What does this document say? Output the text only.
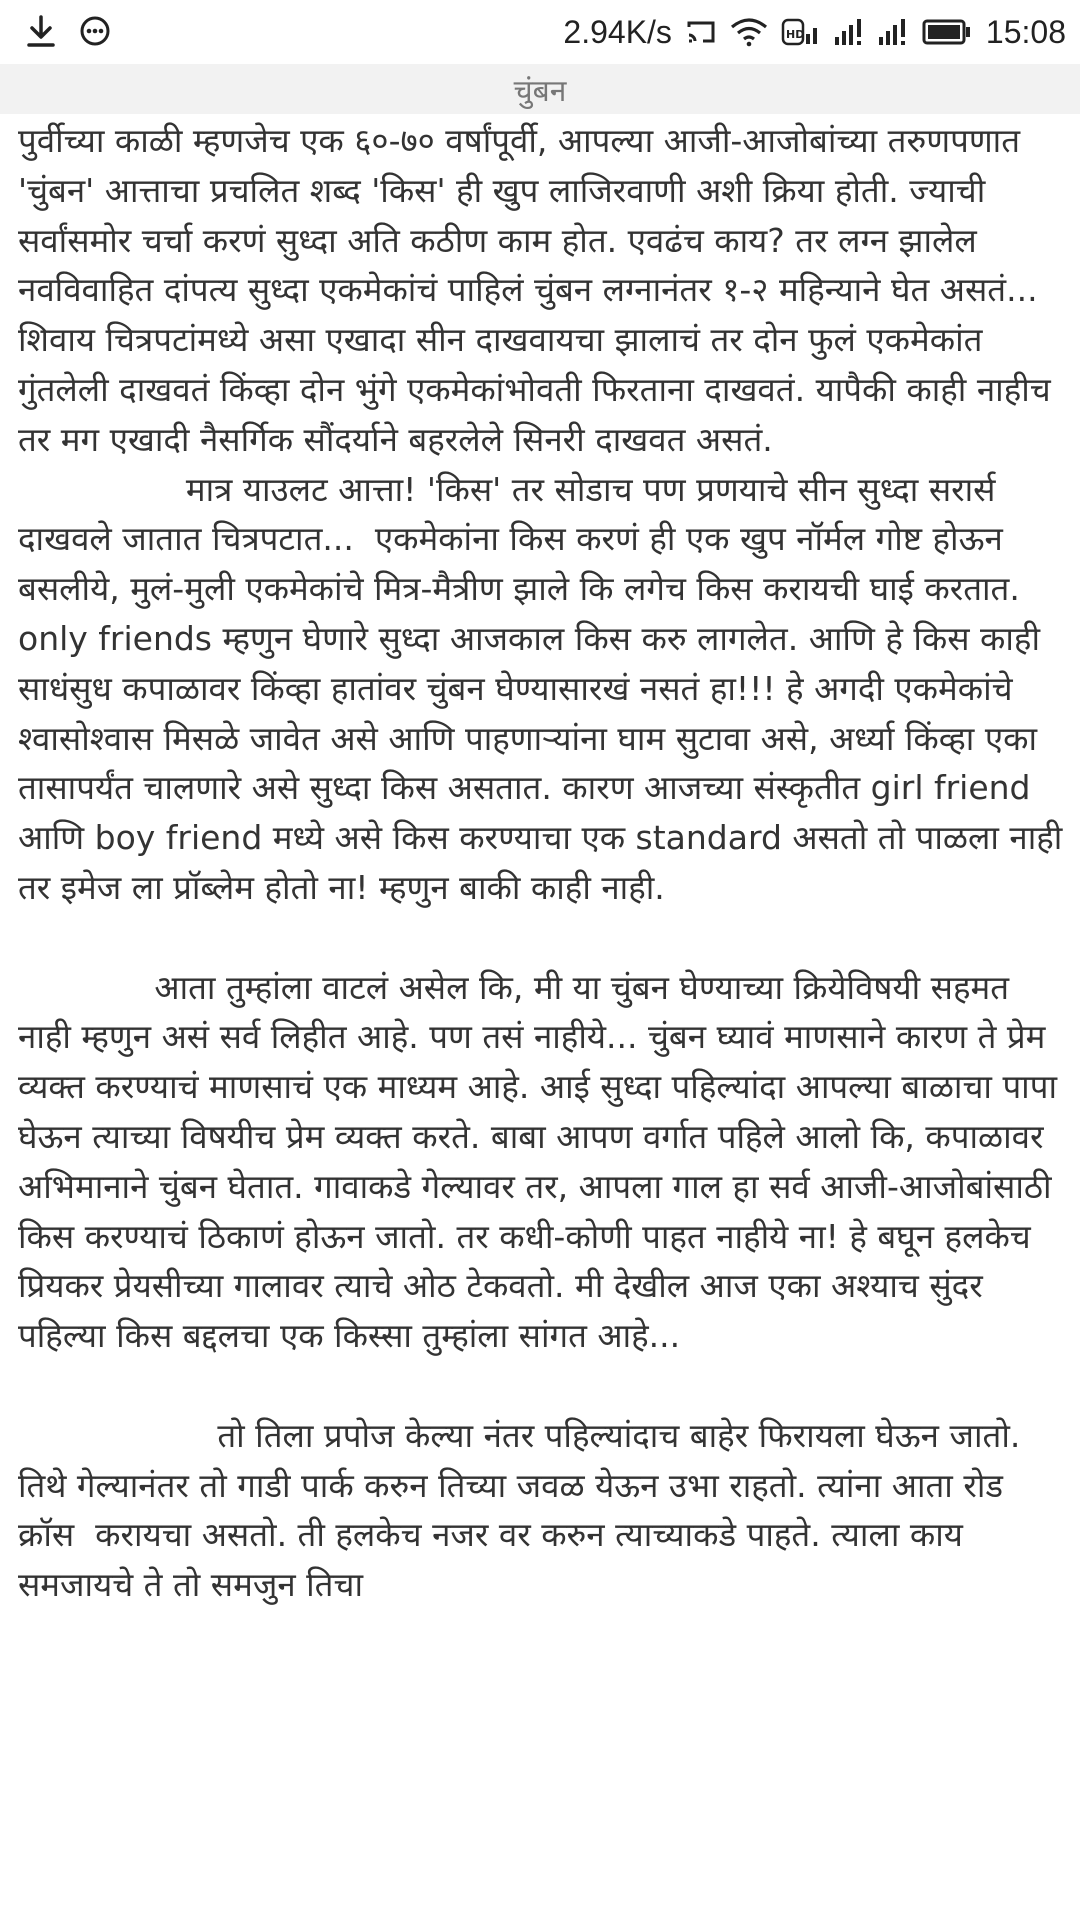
2.94K/s	HD	15:08
चुंबन

पुर्वीच्या काळी म्हणजेच एक ६०-७० वर्षांपूर्वी, आपल्या आजी-आजोबांच्या तरुणपणात 'चुंबन' आत्ताचा प्रचलित शब्द 'किस' ही खुप लाजिरवाणी अशी क्रिया होती. ज्याची सर्वांसमोर चर्चा करणं सुध्दा अति कठीण काम होत. एवढंच काय? तर लग्न झालेल नवविवाहित दांपत्य सुध्दा एकमेकांचं पाहिलं चुंबन लग्नानंतर १-२ महिन्याने घेत असतं... शिवाय चित्रपटांमध्ये असा एखादा सीन दाखवायचा झालाचं तर दोन फुलं एकमेकांत गुंतलेली दाखवतं किंव्हा दोन भुंगे एकमेकांभोवती फिरताना दाखवतं. यापैकी काही नाहीच तर मग एखादी नैसर्गिक सौंदर्याने बहरलेले सिनरी दाखवत असतं.

मात्र याउलट आत्ता! 'किस' तर सोडाच पण प्रणयाचे सीन सुध्दा सरार्स दाखवले जातात चित्रपटात...  एकमेकांना किस करणं ही एक खुप नॉर्मल गोष्ट होऊन बसलीये, मुलं-मुली एकमेकांचे मित्र-मैत्रीण झाले कि लगेच किस करायची घाई करतात. only friends म्हणुन घेणारे सुध्दा आजकाल किस करु लागलेत. आणि हे किस काही साधंसुध कपाळावर किंव्हा हातांवर चुंबन घेण्यासारखं नसतं हा!!! हे अगदी एकमेकांचे श्वासोश्वास मिसळे जावेत असे आणि पाहणाऱ्यांना घाम सुटावा असे, अर्ध्या किंव्हा एका तासापर्यंत चालणारे असे सुध्दा किस असतात. कारण आजच्या संस्कृतीत girl friend आणि boy friend मध्ये असे किस करण्याचा एक standard असतो तो पाळला नाही तर इमेज ला प्रॉब्लेम होतो ना! म्हणुन बाकी काही नाही.

आता तुम्हांला वाटलं असेल कि, मी या चुंबन घेण्याच्या क्रियेविषयी सहमत नाही म्हणुन असं सर्व लिहीत आहे. पण तसं नाहीये... चुंबन घ्यावं माणसाने कारण ते प्रेम व्यक्त करण्याचं माणसाचं एक माध्यम आहे. आई सुध्दा पहिल्यांदा आपल्या बाळाचा पापा घेऊन त्याच्या विषयीच प्रेम व्यक्त करते. बाबा आपण वर्गात पहिले आलो कि, कपाळावर अभिमानाने चुंबन घेतात. गावाकडे गेल्यावर तर, आपला गाल हा सर्व आजी-आजोबांसाठी किस करण्याचं ठिकाणं होऊन जातो. तर कधी-कोणी पाहत नाहीये ना! हे बघून हलकेच प्रियकर प्रेयसीच्या गालावर त्याचे ओठ टेकवतो. मी देखील आज एका अश्याच सुंदर पहिल्या किस बद्दलचा एक किस्सा तुम्हांला सांगत आहे...

तो तिला प्रपोज केल्या नंतर पहिल्यांदाच बाहेर फिरायला घेऊन जातो. तिथे गेल्यानंतर तो गाडी पार्क करुन तिच्या जवळ येऊन उभा राहतो. त्यांना आता रोड क्रॉस  करायचा असतो. ती हलकेच नजर वर करुन त्याच्याकडे पाहते. त्याला काय समजायचे ते तो समजुन तिचा
